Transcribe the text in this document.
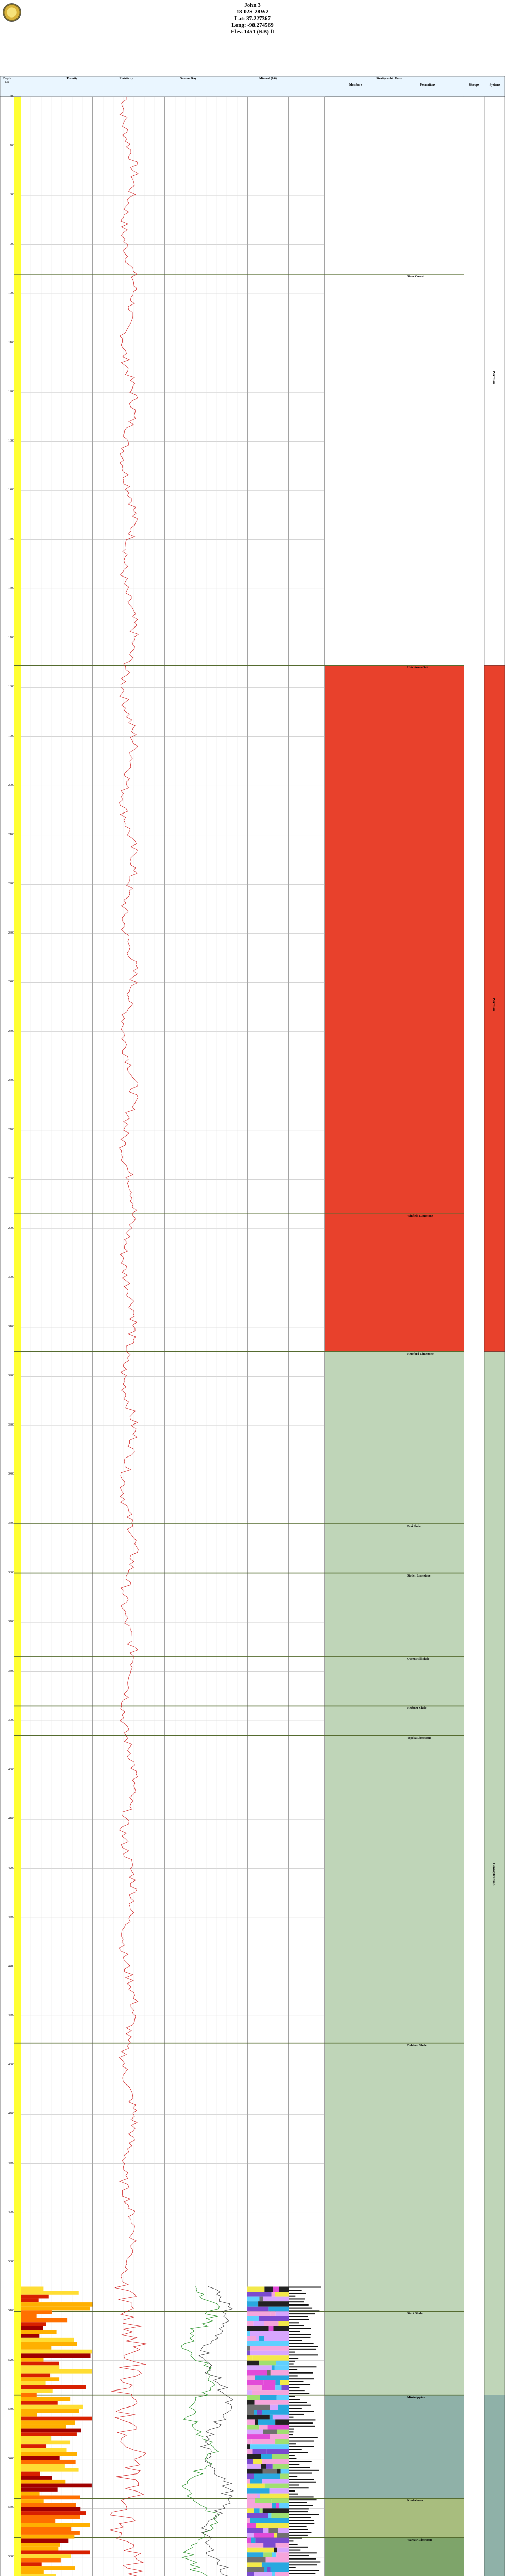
John 3
18-02S-28W2
Lat: 37.227367
Long: -98.274569
Elev. 1451 (KB) ft
Depth
Log
Porosity	Resistivity	Gamma Ray	Mineral (1/0)	Stratigraphic Units
Members	Formations	Groups	Systems
600
700
800
900
1000
1100
1200
1300
1400
1500
1600
1700
1800
1900
2000
2100
2200
2300
2400
2500
2600
2700
2800
2900
3000
3100
3200
3300
3400
3500
3600
3700
3800
3900
4000
4100
4200
4300
4400
4500
4600
4700
4800
4900
5000
5100
5200
5300
5400
5500
5600
Stone Corral
Hutchinson Salt
Winfield Limestone
Hereford Limestone
Brai Shale
Stotler Limestone
Queen Hill Shale
Heebner Shale
Topeka Limestone
Dubloon Shale
Stark Shale
Mississippian
Kinderhook
Warsaw Limestone
Permian
Permian
Pennsylvanian
